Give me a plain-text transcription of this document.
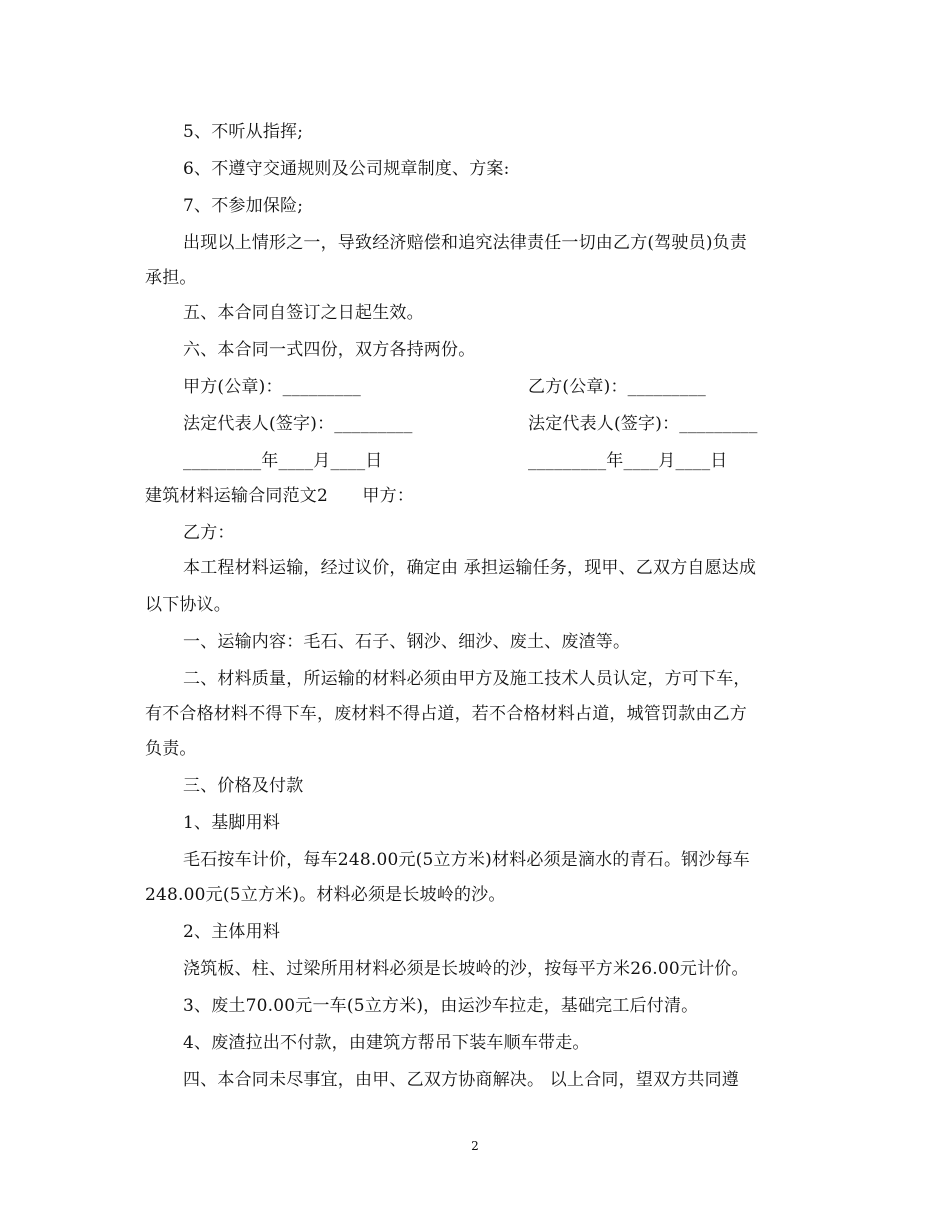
5、不听从指挥;
6、不遵守交通规则及公司规章制度、方案:
7、不参加保险;
出现以上情形之一，导致经济赔偿和追究法律责任一切由乙方(驾驶员)负责
承担。
五、本合同自签订之日起生效。
六、本合同一式四份，双方各持两份。
甲方(公章)：_________	乙方(公章)：_________
法定代表人(签字)：_________	法定代表人(签字)：_________
_________年____月____日	_________年____月____日
建筑材料运输合同范文2　　甲方：
乙方：
本工程材料运输，经过议价，确定由 承担运输任务，现甲、乙双方自愿达成
以下协议。
一、运输内容：毛石、石子、钢沙、细沙、废土、废渣等。
二、材料质量，所运输的材料必须由甲方及施工技术人员认定，方可下车，
有不合格材料不得下车，废材料不得占道，若不合格材料占道，城管罚款由乙方
负责。
三、价格及付款
1、基脚用料
毛石按车计价，每车248.00元(5立方米)材料必须是滴水的青石。钢沙每车
248.00元(5立方米)。材料必须是长坡岭的沙。
2、主体用料
浇筑板、柱、过梁所用材料必须是长坡岭的沙，按每平方米26.00元计价。
3、废土70.00元一车(5立方米)，由运沙车拉走，基础完工后付清。
4、废渣拉出不付款，由建筑方帮吊下装车顺车带走。
四、本合同未尽事宜，由甲、乙双方协商解决。 以上合同，望双方共同遵
2
